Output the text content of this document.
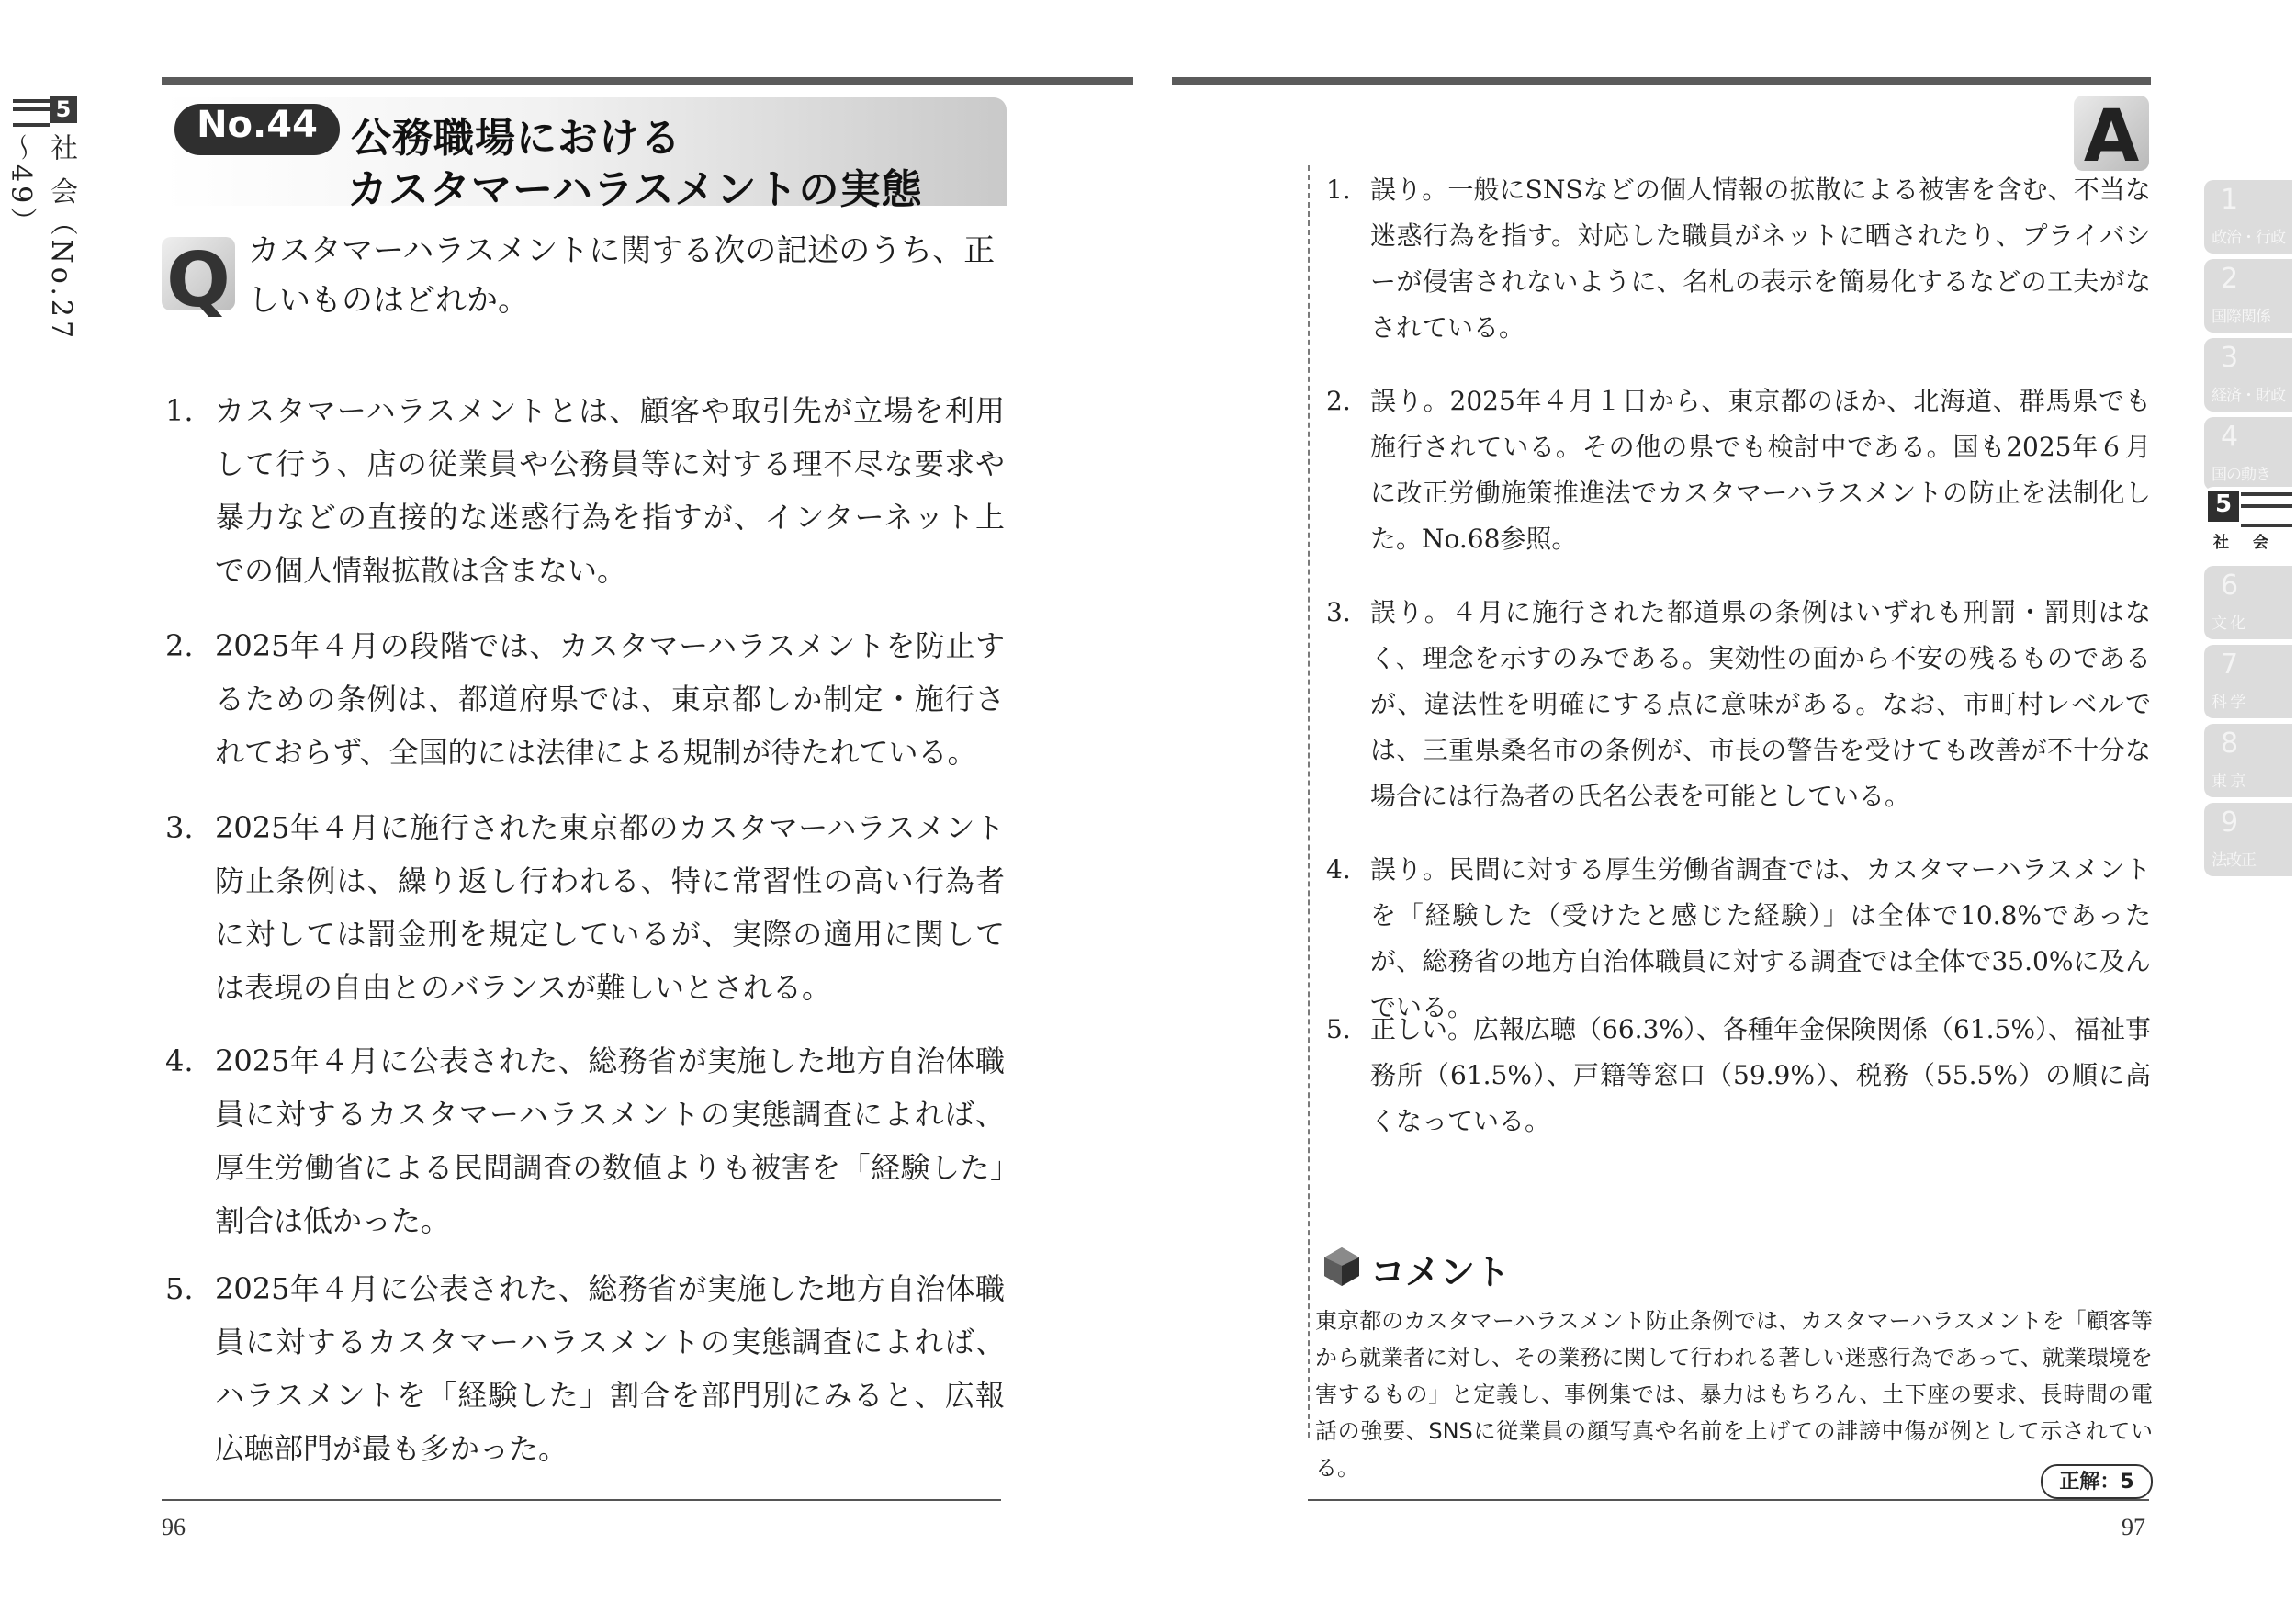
5
社 会（No.27～49）
No.44 公務職場における
カスタマーハラスメントの実態
Q カスタマーハラスメントに関する次の記述のうち、正しいものはどれか。
1. カスタマーハラスメントとは、顧客や取引先が立場を利用して行う、店の従業員や公務員等に対する理不尽な要求や暴力などの直接的な迷惑行為を指すが、インターネット上での個人情報拡散は含まない。
2. 2025年４月の段階では、カスタマーハラスメントを防止するための条例は、都道府県では、東京都しか制定・施行されておらず、全国的には法律による規制が待たれている。
3. 2025年４月に施行された東京都のカスタマーハラスメント防止条例は、繰り返し行われる、特に常習性の高い行為者に対しては罰金刑を規定しているが、実際の適用に関しては表現の自由とのバランスが難しいとされる。
4. 2025年４月に公表された、総務省が実施した地方自治体職員に対するカスタマーハラスメントの実態調査によれば、厚生労働省による民間調査の数値よりも被害を「経験した」割合は低かった。
5. 2025年４月に公表された、総務省が実施した地方自治体職員に対するカスタマーハラスメントの実態調査によれば、ハラスメントを「経験した」割合を部門別にみると、広報広聴部門が最も多かった。
96	97
A
1. 誤り。一般にSNSなどの個人情報の拡散による被害を含む、不当な迷惑行為を指す。対応した職員がネットに晒されたり、プライバシーが侵害されないように、名札の表示を簡易化するなどの工夫がなされている。
2. 誤り。2025年４月１日から、東京都のほか、北海道、群馬県でも施行されている。その他の県でも検討中である。国も2025年６月に改正労働施策推進法でカスタマーハラスメントの防止を法制化した。No.68参照。
3. 誤り。４月に施行された都道県の条例はいずれも刑罰・罰則はなく、理念を示すのみである。実効性の面から不安の残るものであるが、違法性を明確にする点に意味がある。なお、市町村レベルでは、三重県桑名市の条例が、市長の警告を受けても改善が不十分な場合には行為者の氏名公表を可能としている。
4. 誤り。民間に対する厚生労働省調査では、カスタマーハラスメントを「経験した（受けたと感じた経験）」は全体で10.8%であったが、総務省の地方自治体職員に対する調査では全体で35.0%に及んでいる。
5. 正しい。広報広聴（66.3%）、各種年金保険関係（61.5%）、福祉事務所（61.5%）、戸籍等窓口（59.9%）、税務（55.5%）の順に高くなっている。
コメント
東京都のカスタマーハラスメント防止条例では、カスタマーハラスメントを「顧客等から就業者に対し、その業務に関して行われる著しい迷惑行為であって、就業環境を害するもの」と定義し、事例集では、暴力はもちろん、土下座の要求、長時間の電話の強要、SNSに従業員の顔写真や名前を上げての誹謗中傷が例として示されている。
正解：5
1
政治・行政
2
国際関係
3
経済・財政
4
国の動き
5
社 会
6
文 化
7
科 学
8
東 京
9
法改正
